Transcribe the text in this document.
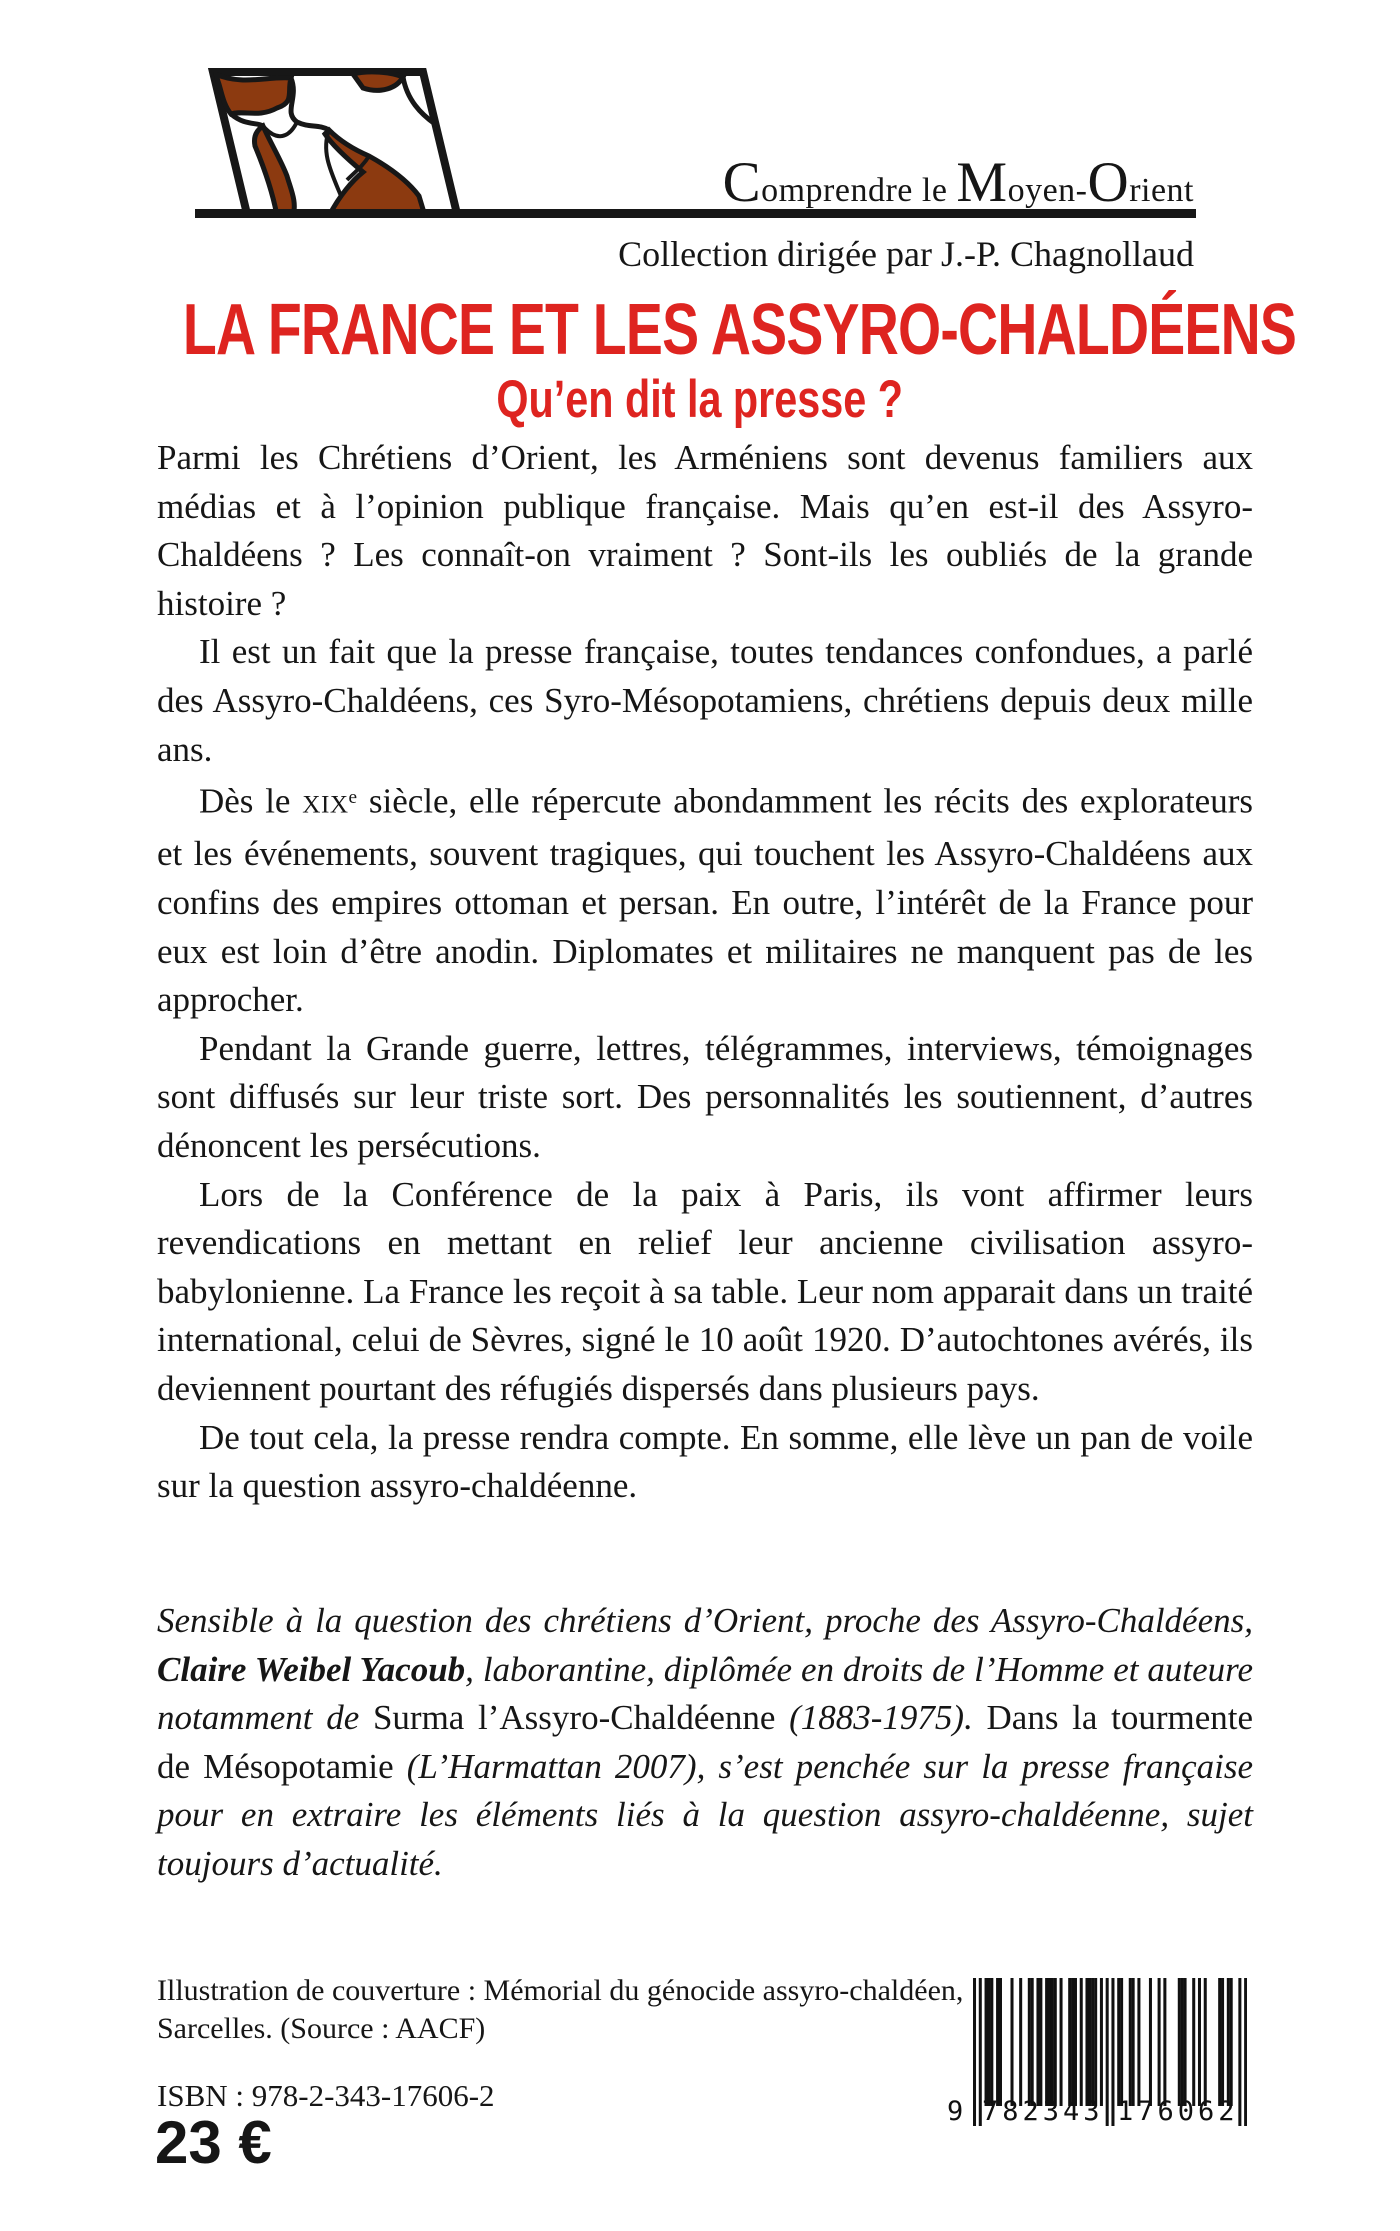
Comprendre le Moyen-Orient
Collection dirigée par J.-P. Chagnollaud
LA FRANCE ET LES ASSYRO-CHALDÉENS
Qu’en dit la presse ?

Parmi les Chrétiens d’Orient, les Arméniens sont devenus familiers aux médias et à l’opinion publique française. Mais qu’en est-il des Assyro-Chaldéens ? Les connaît-on vraiment ? Sont-ils les oubliés de la grande histoire ?

Il est un fait que la presse française, toutes tendances confondues, a parlé des Assyro-Chaldéens, ces Syro-Mésopotamiens, chrétiens depuis deux mille ans.

Dès le XIXe siècle, elle répercute abondamment les récits des explorateurs et les événements, souvent tragiques, qui touchent les Assyro-Chaldéens aux confins des empires ottoman et persan. En outre, l’intérêt de la France pour eux est loin d’être anodin. Diplomates et militaires ne manquent pas de les approcher.

Pendant la Grande guerre, lettres, télégrammes, interviews, témoignages sont diffusés sur leur triste sort. Des personnalités les soutiennent, d’autres dénoncent les persécutions.

Lors de la Conférence de la paix à Paris, ils vont affirmer leurs revendications en mettant en relief leur ancienne civilisation assyro-babylonienne. La France les reçoit à sa table. Leur nom apparait dans un traité international, celui de Sèvres, signé le 10 août 1920. D’autochtones avérés, ils deviennent pourtant des réfugiés dispersés dans plusieurs pays.

De tout cela, la presse rendra compte. En somme, elle lève un pan de voile sur la question assyro-chaldéenne.

Sensible à la question des chrétiens d’Orient, proche des Assyro-Chaldéens, Claire Weibel Yacoub, laborantine, diplômée en droits de l’Homme et auteure notamment de Surma l’Assyro-Chaldéenne (1883-1975). Dans la tourmente de Mésopotamie (L’Harmattan 2007), s’est penchée sur la presse française pour en extraire les éléments liés à la question assyro-chaldéenne, sujet toujours d’actualité.
Illustration de couverture : Mémorial du génocide assyro-chaldéen,
Sarcelles. (Source : AACF)
ISBN : 978-2-343-17606-2
23 €	9 782343 176062
